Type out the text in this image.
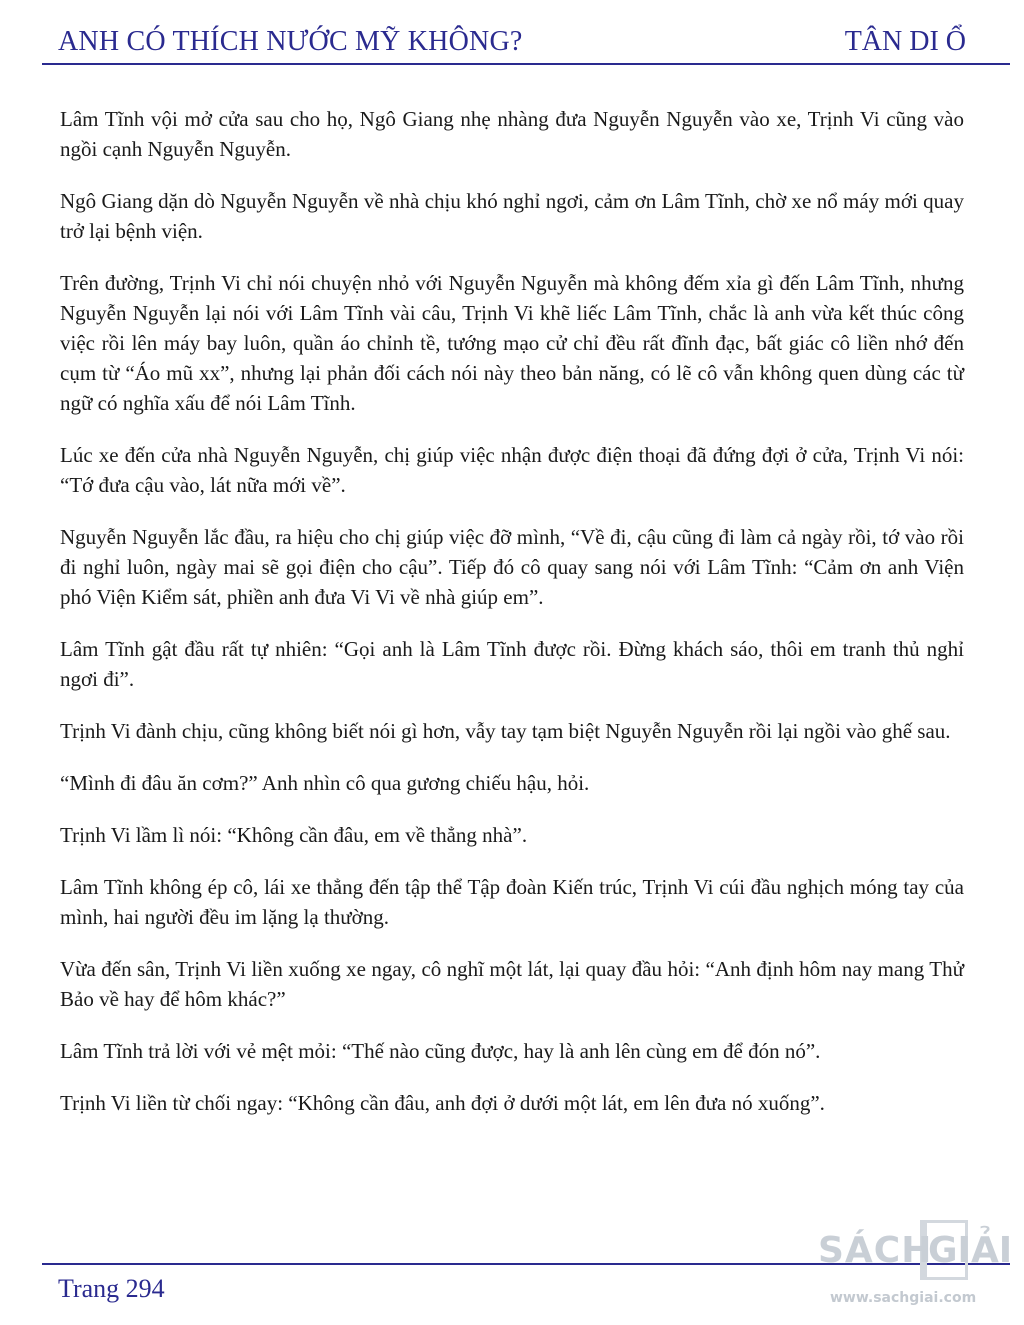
ANH CÓ THÍCH NƯỚC MỸ KHÔNG?	TÂN DI Ổ

Lâm Tĩnh vội mở cửa sau cho họ, Ngô Giang nhẹ nhàng đưa Nguyễn Nguyễn vào xe, Trịnh Vi cũng vào ngồi cạnh Nguyễn Nguyễn.

Ngô Giang dặn dò Nguyễn Nguyễn về nhà chịu khó nghỉ ngơi, cảm ơn Lâm Tĩnh, chờ xe nổ máy mới quay trở lại bệnh viện.

Trên đường, Trịnh Vi chỉ nói chuyện nhỏ với Nguyễn Nguyễn mà không đếm xỉa gì đến Lâm Tĩnh, nhưng Nguyễn Nguyễn lại nói với Lâm Tĩnh vài câu, Trịnh Vi khẽ liếc Lâm Tĩnh, chắc là anh vừa kết thúc công việc rồi lên máy bay luôn, quần áo chỉnh tề, tướng mạo cử chỉ đều rất đĩnh đạc, bất giác cô liền nhớ đến cụm từ “Áo mũ xx”, nhưng lại phản đối cách nói này theo bản năng, có lẽ cô vẫn không quen dùng các từ ngữ có nghĩa xấu để nói Lâm Tĩnh.

Lúc xe đến cửa nhà Nguyễn Nguyễn, chị giúp việc nhận được điện thoại đã đứng đợi ở cửa, Trịnh Vi nói: “Tớ đưa cậu vào, lát nữa mới về”.

Nguyễn Nguyễn lắc đầu, ra hiệu cho chị giúp việc đỡ mình, “Về đi, cậu cũng đi làm cả ngày rồi, tớ vào rồi đi nghỉ luôn, ngày mai sẽ gọi điện cho cậu”. Tiếp đó cô quay sang nói với Lâm Tĩnh: “Cảm ơn anh Viện phó Viện Kiểm sát, phiền anh đưa Vi Vi về nhà giúp em”.

Lâm Tĩnh gật đầu rất tự nhiên: “Gọi anh là Lâm Tĩnh được rồi. Đừng khách sáo, thôi em tranh thủ nghỉ ngơi đi”.

Trịnh Vi đành chịu, cũng không biết nói gì hơn, vẫy tay tạm biệt Nguyễn Nguyễn rồi lại ngồi vào ghế sau.

“Mình đi đâu ăn cơm?” Anh nhìn cô qua gương chiếu hậu, hỏi.

Trịnh Vi lầm lì nói: “Không cần đâu, em về thẳng nhà”.

Lâm Tĩnh không ép cô, lái xe thẳng đến tập thể Tập đoàn Kiến trúc, Trịnh Vi cúi đầu nghịch móng tay của mình, hai người đều im lặng lạ thường.

Vừa đến sân, Trịnh Vi liền xuống xe ngay, cô nghĩ một lát, lại quay đầu hỏi: “Anh định hôm nay mang Thử Bảo về hay để hôm khác?”

Lâm Tĩnh trả lời với vẻ mệt mỏi: “Thế nào cũng được, hay là anh lên cùng em để đón nó”.

Trịnh Vi liền từ chối ngay: “Không cần đâu, anh đợi ở dưới một lát, em lên đưa nó xuống”.

Trang 294
SÁCH
GIẢI
www.sachgiai.com
